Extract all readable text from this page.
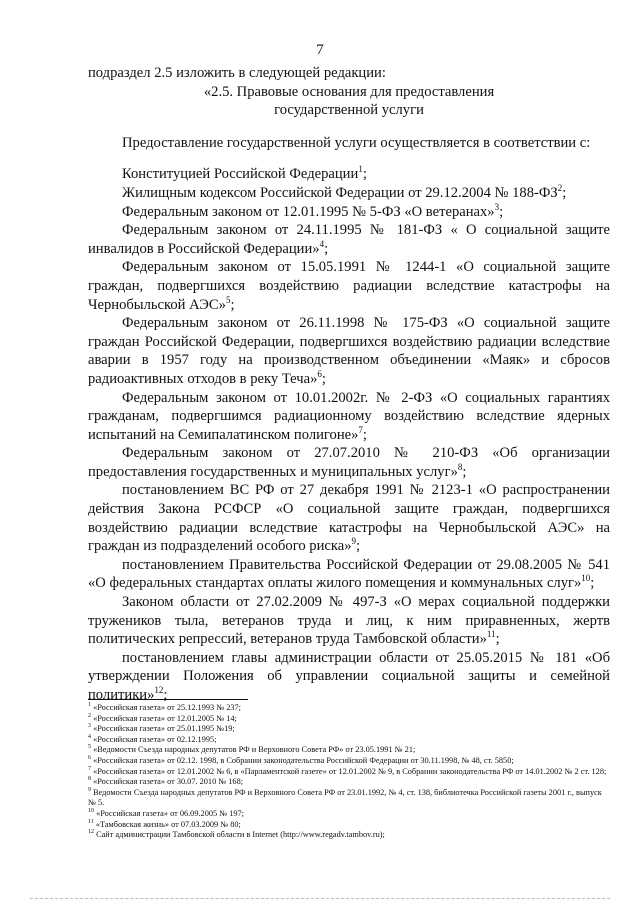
7

подраздел 2.5 изложить в следующей редакции:

«2.5. Правовые основания для предоставления

государственной услуги

Предоставление государственной услуги осуществляется в соответствии с:

Конституцией Российской Федерации$^1$;

Жилищным кодексом Российской Федерации от 29.12.2004 № $188-ФЗ^2$;

Федеральным законом от 12.01.1995 № 5-ФЗ «О ветеранах»$^3$;

Федеральным законом от 24.11.1995 № 181-ФЗ « О социальной защите инвалидов в Российской Федерации»$^4$;

Федеральным законом от 15.05.1991 № 1244-1 «О социальной защите граждан, подвергшихся воздействию радиации вследствие катастрофы на Чернобыльской АЭС»$^5$;

Федеральным законом от 26.11.1998 № 175-ФЗ «О социальной защите граждан Российской Федерации, подвергшихся воздействию радиации вследствие аварии в 1957 году на производственном объединении «Маяк» и сбросов радиоактивных отходов в реку Теча»$^6$;

Федеральным законом от 10.01.2002г. № 2-ФЗ «О социальных гарантиях гражданам, подвергшимся радиационному воздействию вследствие ядерных испытаний на Семипалатинском полигоне»$^7$;

Федеральным законом от 27.07.2010 № 210-ФЗ «Об организации предоставления государственных и муниципальных услуг»$^8$;

постановлением ВС РФ от 27 декабря 1991 № 2123-1 «О распространении действия Закона РСФСР «О социальной защите граждан, подвергшихся воздействию радиации вследствие катастрофы на Чернобыльской АЭС» на граждан из подразделений особого риска»$^9$;

постановлением Правительства Российской Федерации от 29.08.2005 № 541 «О федеральных стандартах оплаты жилого помещения и коммунальных слуг»$^{10}$;

Законом области от 27.02.2009 № 497-З «О мерах социальной поддержки тружеников тыла, ветеранов труда и лиц, к ним приравненных, жертв политических репрессий, ветеранов труда Тамбовской области»$^{11}$;

постановлением главы администрации области от 25.05.2015 № 181 «Об утверждении Положения об управлении социальной защиты и семейной политики»$^{12}$;

$^1$ «Российская газета» от 25.12.1993 № 237;

$^2$ «Российская газета» от 12.01.2005 № 14;

$^3$ «Российская газета» от 25.01.1995 №19;

$^4$ «Российская газета» от 02.12.1995;

$^5$ «Ведомости Съезда народных депутатов РФ и Верховного Совета РФ» от 23.05.1991 № 21;

$^6$ «Российская газета» от 02.12. 1998, в Собрании законодательства Российской Федерации от 30.11.1998, № 48, ст. 5850;

$^7$ «Российская газета» от 12.01.2002 № 6, в «Парламентской газете» от 12.01.2002 № 9, в Собрании законодательства РФ от 14.01.2002 № 2 ст. 128;

$^8$ «Российская газета» от 30.07. 2010 № 168;

$^9$ Ведомости Съезда народных депутатов РФ и Верховного Совета РФ от 23.01.1992, № 4, ст. 138, библиотечка Российской газеты 2001 г., выпуск № 5.

$^{10}$ «Российская газета» от 06.09.2005 № 197;

$^{11}$ «Тамбовская жизнь» от 07.03.2009 № 80;

$^{12}$ Сайт администрации Тамбовской области в Internet (http://www.regadv.tambov.ru);
